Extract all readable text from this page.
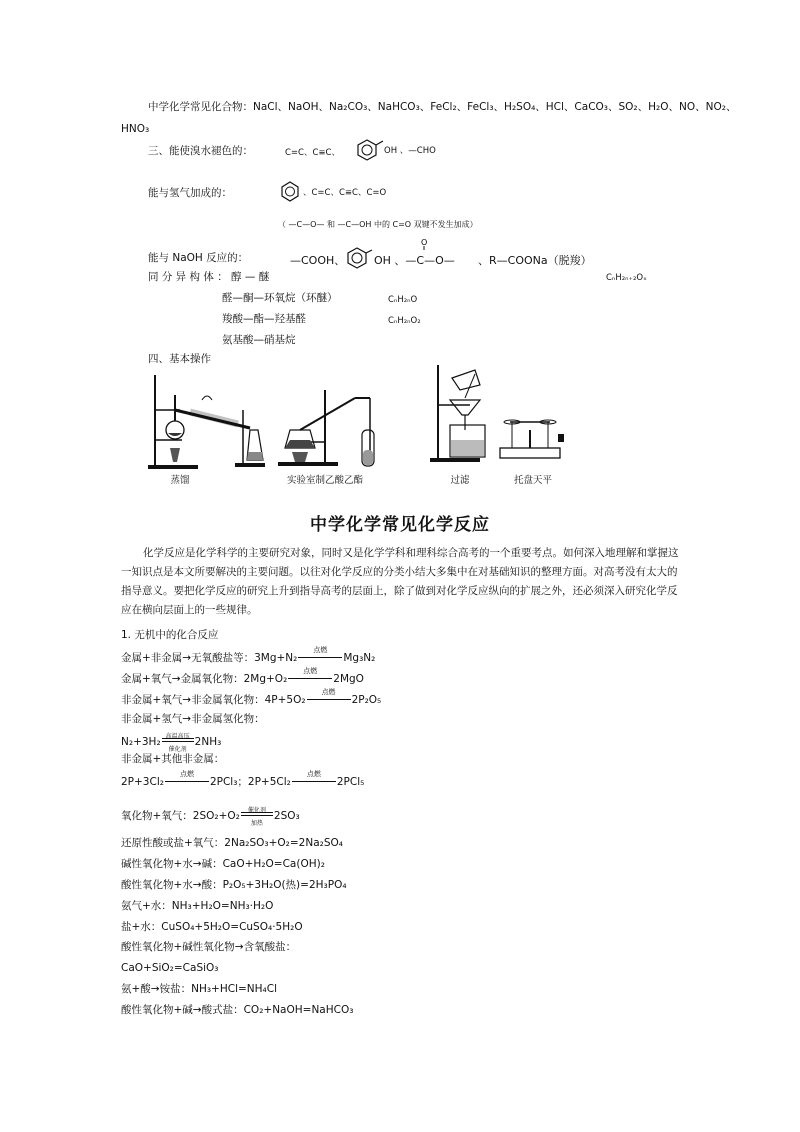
中学化学常见化合物：NaCl、NaOH、Na₂CO₃、NaHCO₃、FeCl₂、FeCl₃、H₂SO₄、HCl、CaCO₃、SO₂、H₂O、NO、NO₂、
HNO₃
三、能使溴水褪色的：	C=C、C≡C、	OH 、—CHO
能与氢气加成的：	、C=C、C≡C、C=O
（ —C—O— 和 —C—OH 中的 C=O 双键不发生加成）
能与 NaOH 反应的：	—COOH、	OH 、—C—O—
O
、R—COONa（脱羧）
同 分 异 构 体 ： 醇 — 醚	CₙH₂ₙ₊₂Oₓ
醛—酮—环氧烷（环醚）	CₙH₂ₙO
羧酸—酯—羟基醛	CₙH₂ₙO₂
氨基酸—硝基烷
四、基本操作
蒸馏	实验室制乙酸乙酯	过滤	托盘天平
中学化学常见化学反应
化学反应是化学科学的主要研究对象，同时又是化学学科和理科综合高考的一个重要考点。如何深入地理解和掌握这一知识点是本文所要解决的主要问题。以往对化学反应的分类小结大多集中在对基础知识的整理方面。对高考没有太大的指导意义。要把化学反应的研究上升到指导高考的层面上，除了做到对化学反应纵向的扩展之外，还必须深入研究化学反应在横向层面上的一些规律。
1. 无机中的化合反应
金属+非金属→无氧酸盐等：3Mg+N₂
点燃
Mg₃N₂
金属+氧气→金属氧化物：2Mg+O₂
点燃
2MgO
非金属+氧气→非金属氧化物：4P+5O₂
点燃
2P₂O₅
非金属+氢气→非金属氢化物：
N₂+3H₂ 高温高压
催化剂
2NH₃
非金属+其他非金属：
2P+3Cl₂
点燃
2PCl₃；2P+5Cl₂
点燃
2PCl₅
氧化物+氧气：2SO₂+O₂	催化剂
加热
2SO₃
还原性酸或盐+氧气：2Na₂SO₃+O₂=2Na₂SO₄
碱性氧化物+水→碱：CaO+H₂O=Ca(OH)₂
酸性氧化物+水→酸：P₂O₅+3H₂O(热)=2H₃PO₄
氨气+水：NH₃+H₂O=NH₃·H₂O
盐+水：CuSO₄+5H₂O=CuSO₄·5H₂O
酸性氧化物+碱性氧化物→含氧酸盐：
CaO+SiO₂=CaSiO₃
氨+酸→铵盐：NH₃+HCl=NH₄Cl
酸性氧化物+碱→酸式盐：CO₂+NaOH=NaHCO₃
